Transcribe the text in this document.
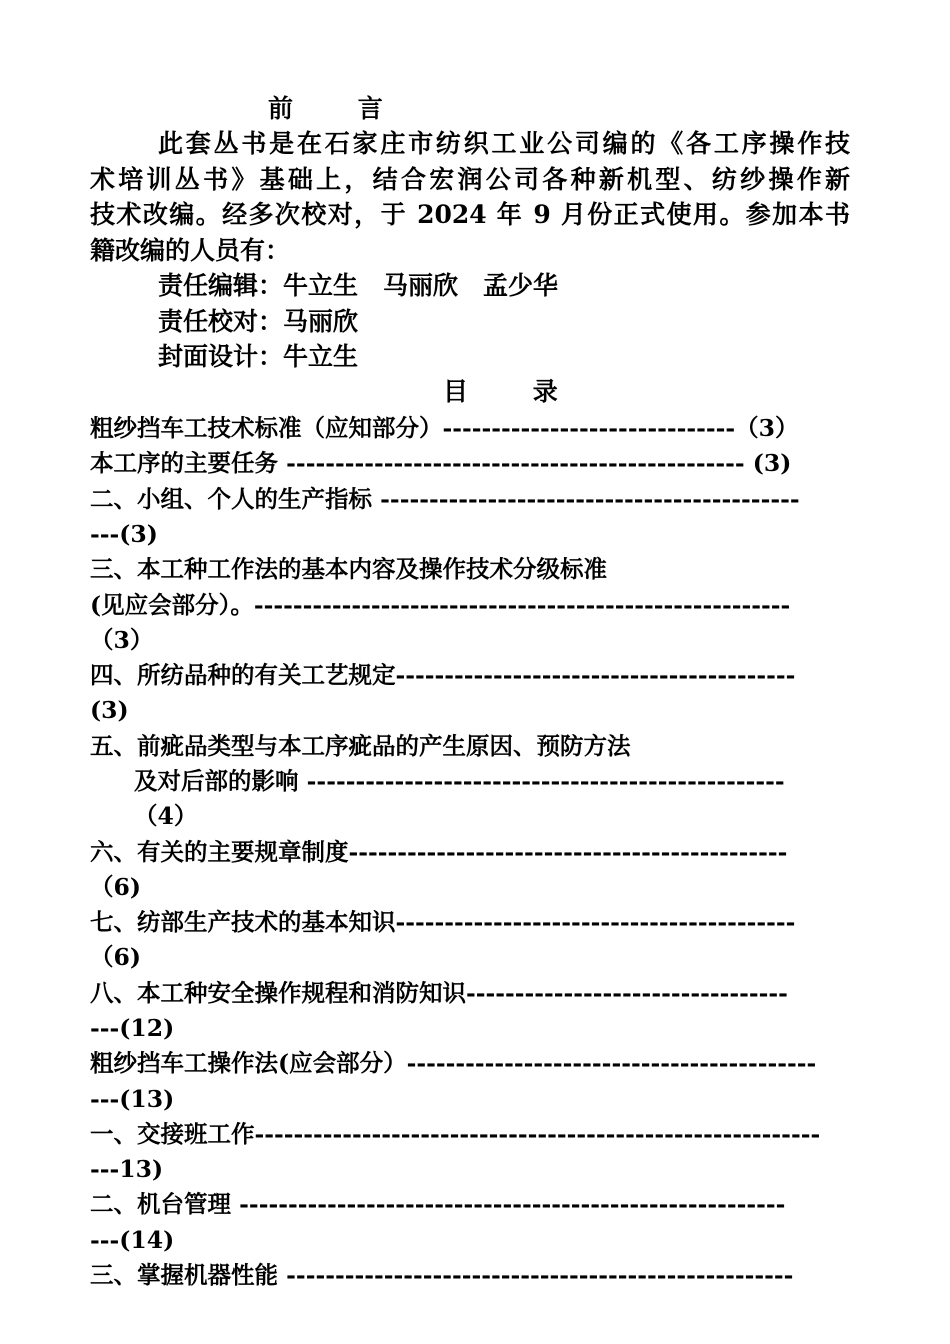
前 言
此套丛书是在石家庄市纺织工业公司编的《各工序操作技
术培训丛书》基础上，结合宏润公司各种新机型、纺纱操作新
技术改编。经多次校对，于 2024 年 9 月份正式使用。参加本书
籍改编的人员有：
责任编辑：牛立生　马丽欣　孟少华
责任校对：马丽欣
封面设计：牛立生
目 录
粗纱挡车工技术标准（应知部分）------------------------------（3）
本工序的主要任务 ----------------------------------------------- (3)
二、小组、个人的生产指标 -------------------------------------------
---(3)
三、本工种工作法的基本内容及操作技术分级标准
(见应会部分）。-------------------------------------------------------
（3）
四、所纺品种的有关工艺规定-----------------------------------------
(3)
五、前疵品类型与本工序疵品的产生原因、预防方法
及对后部的影响 -------------------------------------------------
（4）
六、有关的主要规章制度---------------------------------------------
（6)
七、纺部生产技术的基本知识-----------------------------------------
（6)
八、本工种安全操作规程和消防知识---------------------------------
---(12)
粗纱挡车工操作法(应会部分）------------------------------------------
---(13)
一、交接班工作----------------------------------------------------------
---13)
二、机台管理 --------------------------------------------------------
---(14)
三、掌握机器性能 ----------------------------------------------------
